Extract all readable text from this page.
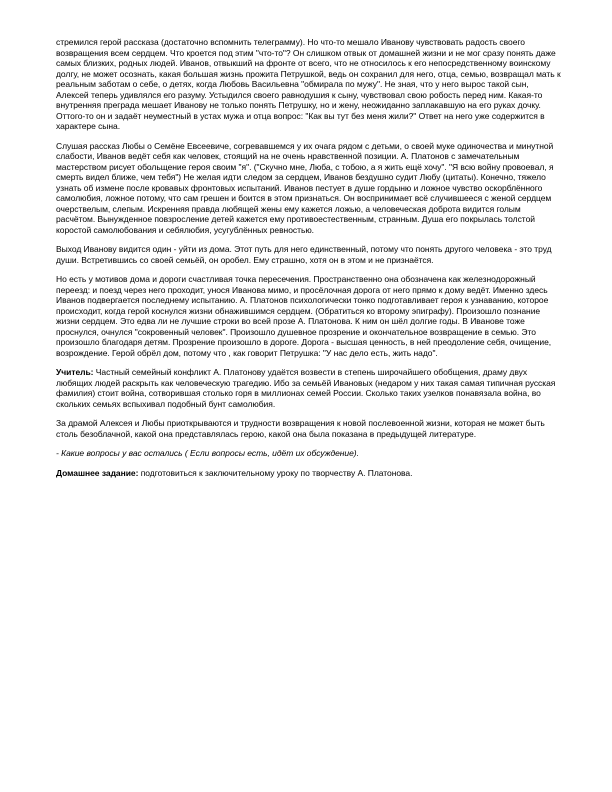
стремился герой рассказа (достаточно вспомнить телеграмму). Но что-то мешало Иванову чувствовать радость своего возвращения всем сердцем. Что кроется под этим "что-то"? Он слишком отвык от домашней жизни и не мог сразу понять даже самых близких, родных людей. Иванов, отвыкший на фронте от всего, что не относилось к его непосредственному воинскому долгу, не может осознать, какая большая жизнь прожита Петрушкой, ведь он сохранил для него, отца, семью, возвращал мать к реальным заботам о себе, о детях, когда Любовь Васильевна "обмирала по мужу". Не зная, что у него вырос такой сын, Алексей теперь удивлялся его разуму. Устыдился своего равнодушия к сыну, чувствовал свою робость перед ним. Какая-то внутренняя преграда мешает Иванову не только понять Петрушку, но и жену, неожиданно заплакавшую на его руках дочку. Оттого-то он и задаёт неуместный в устах мужа и отца вопрос: "Как вы тут без меня жили?" Ответ на него уже содержится в характере сына.

Слушая рассказ Любы о Семёне Евсеевиче, согревавшемся у их очага рядом с детьми, о своей муке одиночества и минутной слабости, Иванов ведёт себя как человек, стоящий на не очень нравственной позиции. А. Платонов с замечательным мастерством рисует обольщение героя своим "я". ("Скучно мне, Люба, с тобою, а я жить ещё хочу". "Я всю войну провоевал, я смерть видел ближе, чем тебя") Не желая идти следом за сердцем, Иванов бездушно судит Любу (цитаты). Конечно, тяжело узнать об измене после кровавых фронтовых испытаний. Иванов пестует в душе гордыню и ложное чувство оскорблённого самолюбия, ложное потому, что сам грешен и боится в этом признаться. Он воспринимает всё случившееся с женой сердцем очерствелым, слепым. Искренняя правда любящей жены ему кажется ложью, а человеческая доброта видится голым расчётом. Вынужденное повзросление детей кажется ему противоестественным, странным. Душа его покрылась толстой коростой самолюбования и себялюбия, усугублённых ревностью.

Выход Иванову видится один - уйти из дома. Этот путь для него единственный, потому что понять другого человека - это труд души. Встретившись со своей семьёй, он оробел. Ему страшно, хотя он в этом и не признаётся.

Но есть у мотивов дома и дороги счастливая точка пересечения. Пространственно она обозначена как железнодорожный переезд: и поезд через него проходит, унося Иванова мимо, и просёлочная дорога от него прямо к дому ведёт. Именно здесь Иванов подвергается последнему испытанию. А. Платонов психологически тонко подготавливает героя к узнаванию, которое происходит, когда герой коснулся жизни обнажившимся сердцем. (Обратиться ко второму эпиграфу). Произошло познание жизни сердцем. Это едва ли не лучшие строки во всей прозе А. Платонова. К ним он шёл долгие годы. В Иванове тоже проснулся, очнулся "сокровенный человек". Произошло душевное прозрение и окончательное возвращение в семью. Это произошло благодаря детям. Прозрение произошло в дороге. Дорога - высшая ценность, в ней преодоление себя, очищение, возрождение. Герой обрёл дом, потому что , как говорит Петрушка: "У нас дело есть, жить надо".

Учитель: Частный семейный конфликт А. Платонову удаётся возвести в степень широчайшего обобщения, драму двух любящих людей раскрыть как человеческую трагедию. Ибо за семьёй Ивановых (недаром у них такая самая типичная русская фамилия) стоит война, сотворившая столько горя в миллионах семей России. Сколько таких узелков понавязала война, во скольких семьях вспыхивал подобный бунт самолюбия.

За драмой Алексея и Любы приоткрываются и трудности возвращения к новой послевоенной жизни, которая не может быть столь безоблачной, какой она представлялась герою, какой она была показана в предыдущей литературе.

- Какие вопросы у вас остались ( Если вопросы есть, идёт их обсуждение).

Домашнее задание: подготовиться к заключительному уроку по творчеству А. Платонова.
